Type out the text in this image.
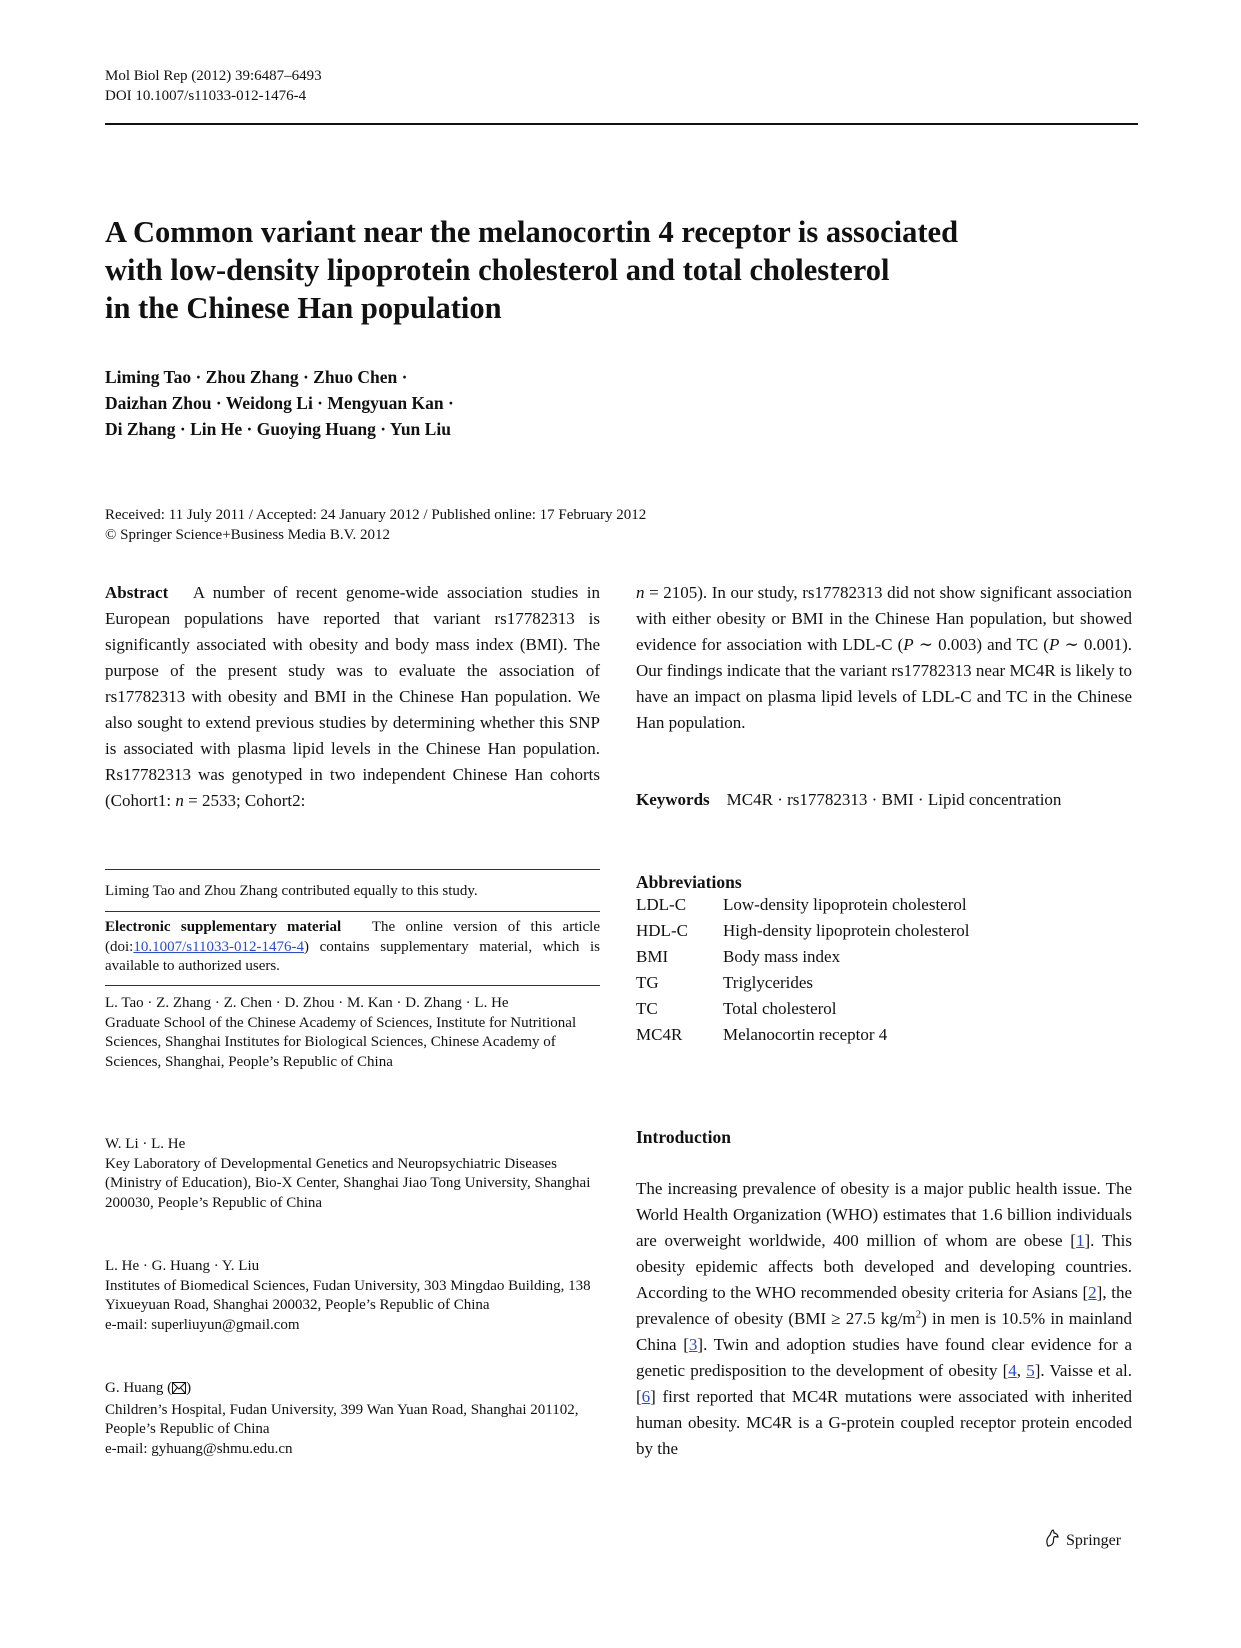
Mol Biol Rep (2012) 39:6487–6493
DOI 10.1007/s11033-012-1476-4
A Common variant near the melanocortin 4 receptor is associated
with low-density lipoprotein cholesterol and total cholesterol
in the Chinese Han population
Liming Tao · Zhou Zhang · Zhuo Chen ·
Daizhan Zhou · Weidong Li · Mengyuan Kan ·
Di Zhang · Lin He · Guoying Huang · Yun Liu
Received: 11 July 2011 / Accepted: 24 January 2012 / Published online: 17 February 2012
© Springer Science+Business Media B.V. 2012

Abstract A number of recent genome-wide association studies in European populations have reported that variant rs17782313 is significantly associated with obesity and body mass index (BMI). The purpose of the present study was to evaluate the association of rs17782313 with obesity and BMI in the Chinese Han population. We also sought to extend previous studies by determining whether this SNP is associated with plasma lipid levels in the Chinese Han population. Rs17782313 was genotyped in two independent Chinese Han cohorts (Cohort1: n = 2533; Cohort2:

Liming Tao and Zhou Zhang contributed equally to this study.

Electronic supplementary material The online version of this article (doi:10.1007/s11033-012-1476-4) contains supplementary material, which is available to authorized users.

L. Tao · Z. Zhang · Z. Chen · D. Zhou · M. Kan · D. Zhang · L. He

Graduate School of the Chinese Academy of Sciences, Institute for Nutritional Sciences, Shanghai Institutes for Biological Sciences, Chinese Academy of Sciences, Shanghai, People’s Republic of China

W. Li · L. He

Key Laboratory of Developmental Genetics and Neuropsychiatric Diseases (Ministry of Education), Bio-X Center, Shanghai Jiao Tong University, Shanghai 200030, People’s Republic of China

L. He · G. Huang · Y. Liu

Institutes of Biomedical Sciences, Fudan University, 303 Mingdao Building, 138 Yixueyuan Road, Shanghai 200032, People’s Republic of China

e-mail: superliuyun@gmail.com

G. Huang ( )

Children’s Hospital, Fudan University, 399 Wan Yuan Road, Shanghai 201102, People’s Republic of China

e-mail: gyhuang@shmu.edu.cn

n = 2105). In our study, rs17782313 did not show significant association with either obesity or BMI in the Chinese Han population, but showed evidence for association with LDL-C (P ∼ 0.003) and TC (P ∼ 0.001). Our findings indicate that the variant rs17782313 near MC4R is likely to have an impact on plasma lipid levels of LDL-C and TC in the Chinese Han population.

Keywords MC4R · rs17782313 · BMI · Lipid concentration

Abbreviations
LDL-C	Low-density lipoprotein cholesterol
HDL-C	High-density lipoprotein cholesterol
BMI	Body mass index
TG	Triglycerides
TC	Total cholesterol
MC4R	Melanocortin receptor 4
Introduction

The increasing prevalence of obesity is a major public health issue. The World Health Organization (WHO) estimates that 1.6 billion individuals are overweight worldwide, 400 million of whom are obese [1]. This obesity epidemic affects both developed and developing countries. According to the WHO recommended obesity criteria for Asians [2], the prevalence of obesity (BMI ≥ 27.5 $kg/m^2$) in men is 10.5% in mainland China [3]. Twin and adoption studies have found clear evidence for a genetic predisposition to the development of obesity [4, 5]. Vaisse et al. [6] first reported that MC4R mutations were associated with inherited human obesity. MC4R is a G-protein coupled receptor protein encoded by the

Springer
